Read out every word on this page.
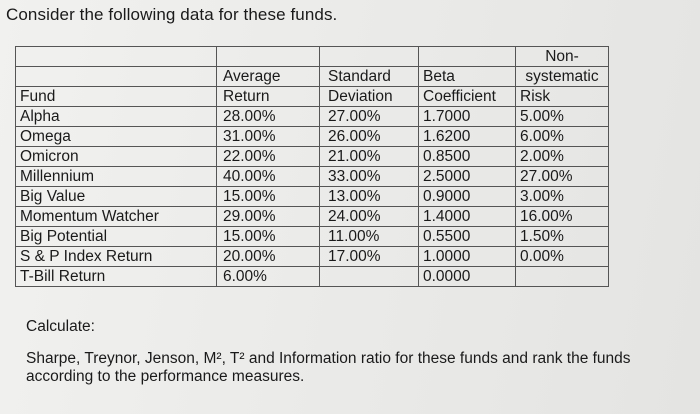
Consider the following data for these funds.
				Non-
	Average	Standard	Beta	systematic
Fund	Return	Deviation	Coefficient	Risk
Alpha	28.00%	27.00%	1.7000	5.00%
Omega	31.00%	26.00%	1.6200	6.00%
Omicron	22.00%	21.00%	0.8500	2.00%
Millennium	40.00%	33.00%	2.5000	27.00%
Big Value	15.00%	13.00%	0.9000	3.00%
Momentum Watcher	29.00%	24.00%	1.4000	16.00%
Big Potential	15.00%	11.00%	0.5500	1.50%
S & P Index Return	20.00%	17.00%	1.0000	0.00%
T-Bill Return	6.00%		0.0000	
Calculate:
Sharpe, Treynor, Jenson, M², T² and Information ratio for these funds and rank the funds according to the performance measures.
